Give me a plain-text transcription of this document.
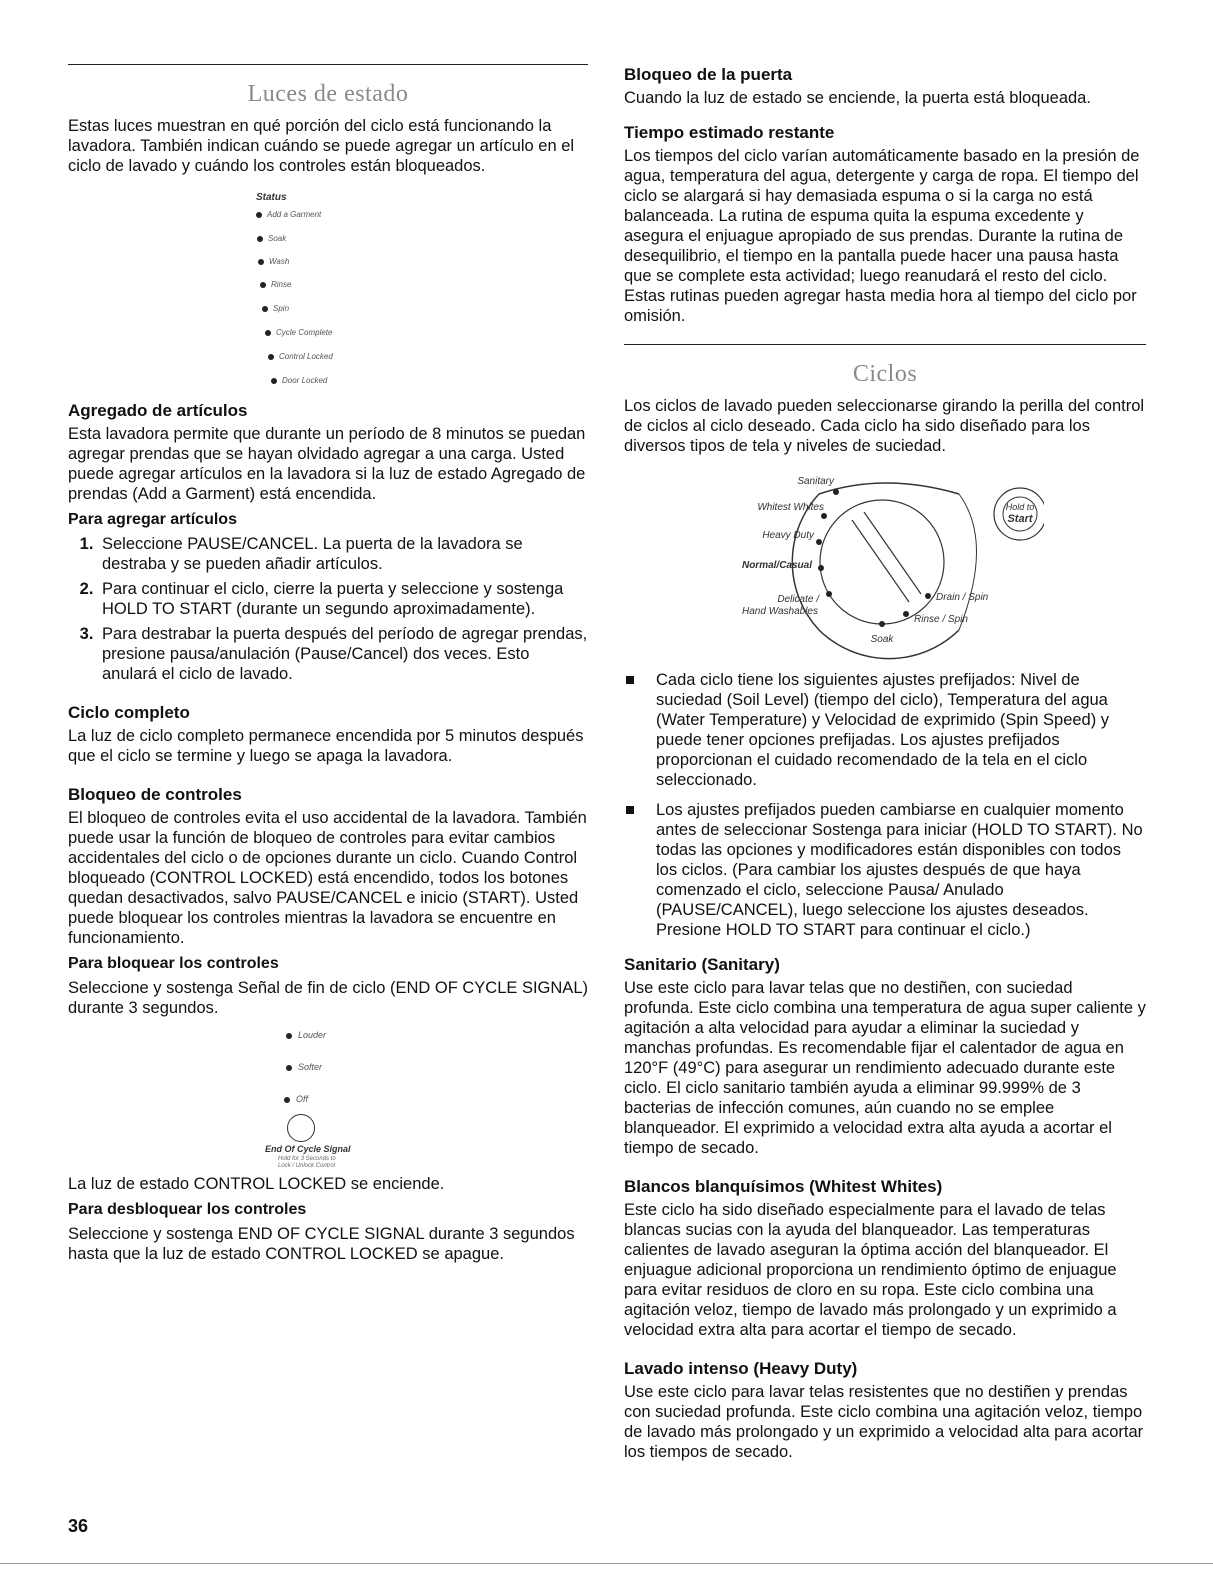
Luces de estado

Estas luces muestran en qué porción del ciclo está funcionando la lavadora. También indican cuándo se puede agregar un artículo en el ciclo de lavado y cuándo los controles están bloqueados.

Status
Add a Garment
Soak
Wash
Rinse
Spin
Cycle Complete
Control Locked
Door Locked
Agregado de artículos

Esta lavadora permite que durante un período de 8 minutos se puedan agregar prendas que se hayan olvidado agregar a una carga. Usted puede agregar artículos en la lavadora si la luz de estado Agregado de prendas (Add a Garment) está encendida.

Para agregar artículos
1. Seleccione PAUSE/CANCEL. La puerta de la lavadora se destraba y se pueden añadir artículos.
2. Para continuar el ciclo, cierre la puerta y seleccione y sostenga HOLD TO START (durante un segundo aproximadamente).
3. Para destrabar la puerta después del período de agregar prendas, presione pausa/anulación (Pause/Cancel) dos veces. Esto anulará el ciclo de lavado.
Ciclo completo

La luz de ciclo completo permanece encendida por 5 minutos después que el ciclo se termine y luego se apaga la lavadora.

Bloqueo de controles

El bloqueo de controles evita el uso accidental de la lavadora. También puede usar la función de bloqueo de controles para evitar cambios accidentales del ciclo o de opciones durante un ciclo. Cuando Control bloqueado (CONTROL LOCKED) está encendido, todos los botones quedan desactivados, salvo PAUSE/CANCEL e inicio (START). Usted puede bloquear los controles mientras la lavadora se encuentre en funcionamiento.

Para bloquear los controles

Seleccione y sostenga Señal de fin de ciclo (END OF CYCLE SIGNAL) durante 3 segundos.

Louder
Softer
Off
End Of Cycle Signal
Hold for 3 Seconds to
Lock / Unlock Control

La luz de estado CONTROL LOCKED se enciende.

Para desbloquear los controles

Seleccione y sostenga END OF CYCLE SIGNAL durante 3 segundos hasta que la luz de estado CONTROL LOCKED se apague.

Bloqueo de la puerta

Cuando la luz de estado se enciende, la puerta está bloqueada.

Tiempo estimado restante

Los tiempos del ciclo varían automáticamente basado en la presión de agua, temperatura del agua, detergente y carga de ropa. El tiempo del ciclo se alargará si hay demasiada espuma o si la carga no está balanceada. La rutina de espuma quita la espuma excedente y asegura el enjuague apropiado de sus prendas. Durante la rutina de desequilibrio, el tiempo en la pantalla puede hacer una pausa hasta que se complete esta actividad; luego reanudará el resto del ciclo. Estas rutinas pueden agregar hasta media hora al tiempo del ciclo por omisión.

Ciclos

Los ciclos de lavado pueden seleccionarse girando la perilla del control de ciclos al ciclo deseado. Cada ciclo ha sido diseñado para los diversos tipos de tela y niveles de suciedad.

Hold to
Start
Sanitary
Whitest Whites
Heavy Duty
Normal/Casual
Delicate /
Hand Washables
Drain / Spin
Rinse / Spin
Soak
Cada ciclo tiene los siguientes ajustes prefijados: Nivel de suciedad (Soil Level) (tiempo del ciclo), Temperatura del agua (Water Temperature) y Velocidad de exprimido (Spin Speed) y puede tener opciones prefijadas. Los ajustes prefijados proporcionan el cuidado recomendado de la tela en el ciclo seleccionado.
Los ajustes prefijados pueden cambiarse en cualquier momento antes de seleccionar Sostenga para iniciar (HOLD TO START). No todas las opciones y modificadores están disponibles con todos los ciclos. (Para cambiar los ajustes después de que haya comenzado el ciclo, seleccione Pausa/ Anulado (PAUSE/CANCEL), luego seleccione los ajustes deseados. Presione HOLD TO START para continuar el ciclo.)
Sanitario (Sanitary)

Use este ciclo para lavar telas que no destiñen, con suciedad profunda. Este ciclo combina una temperatura de agua super caliente y agitación a alta velocidad para ayudar a eliminar la suciedad y manchas profundas. Es recomendable fijar el calentador de agua en 120°F (49°C) para asegurar un rendimiento adecuado durante este ciclo. El ciclo sanitario también ayuda a eliminar 99.999% de 3 bacterias de infección comunes, aún cuando no se emplee blanqueador. El exprimido a velocidad extra alta ayuda a acortar el tiempo de secado.

Blancos blanquísimos (Whitest Whites)

Este ciclo ha sido diseñado especialmente para el lavado de telas blancas sucias con la ayuda del blanqueador. Las temperaturas calientes de lavado aseguran la óptima acción del blanqueador. El enjuague adicional proporciona un rendimiento óptimo de enjuague para evitar residuos de cloro en su ropa. Este ciclo combina una agitación veloz, tiempo de lavado más prolongado y un exprimido a velocidad extra alta para acortar el tiempo de secado.

Lavado intenso (Heavy Duty)

Use este ciclo para lavar telas resistentes que no destiñen y prendas con suciedad profunda. Este ciclo combina una agitación veloz, tiempo de lavado más prolongado y un exprimido a velocidad alta para acortar los tiempos de secado.

36
